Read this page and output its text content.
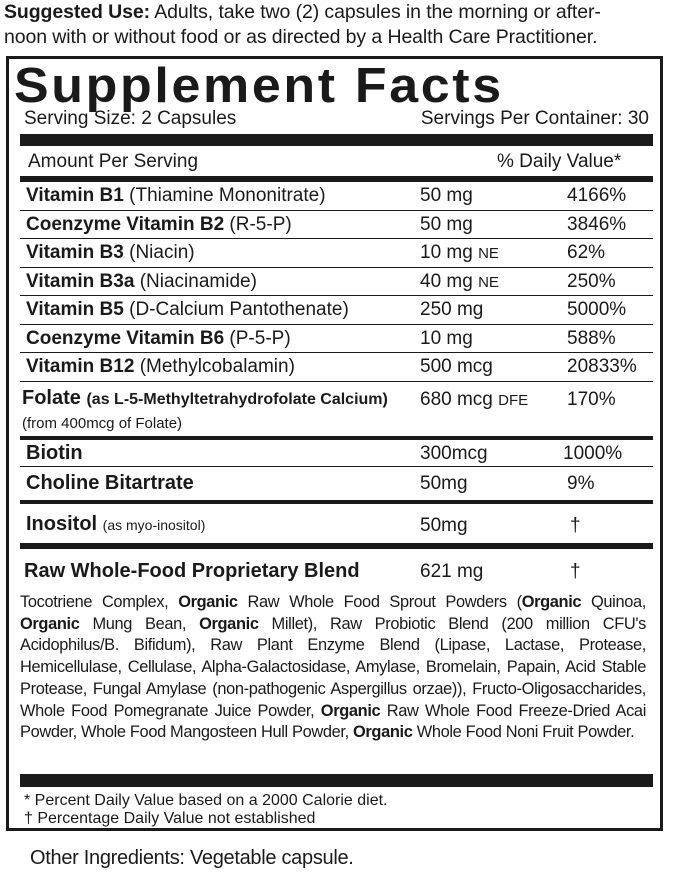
Suggested Use: Adults, take two (2) capsules in the morning or after-
noon with or without food or as directed by a Health Care Practitioner.
Supplement Facts
Serving Size: 2 Capsules	Servings Per Container: 30
Amount Per Serving	% Daily Value*
Vitamin B1 (Thiamine Mononitrate)	50 mg	4166%
Coenzyme Vitamin B2 (R-5-P)	50 mg	3846%
Vitamin B3 (Niacin)	10 mg NE	62%
Vitamin B3a (Niacinamide)	40 mg NE	250%
Vitamin B5 (D-Calcium Pantothenate)	250 mg	5000%
Coenzyme Vitamin B6 (P-5-P)	10 mg	588%
Vitamin B12 (Methylcobalamin)	500 mcg	20833%
Folate (as L-5-Methyltetrahydrofolate Calcium)
(from 400mcg of Folate)
680 mcg DFE 170%
Biotin	300mcg	1000%
Choline Bitartrate	50mg	9%
Inositol (as myo-inositol)	50mg	†
Raw Whole-Food Proprietary Blend	621 mg	†
Tocotriene Complex, Organic Raw Whole Food Sprout Powders (Organic Quinoa, Organic Mung Bean, Organic Millet), Raw Probiotic Blend (200 million CFU's Acidophilus/B. Bifidum), Raw Plant Enzyme Blend (Lipase, Lactase, Protease, Hemicellulase, Cellulase, Alpha-Galactosidase, Amylase, Bromelain, Papain, Acid Stable Protease, Fungal Amylase (non-pathogenic Aspergillus orzae)), Fructo-Oligosaccharides, Whole Food Pomegranate Juice Powder, Organic Raw Whole Food Freeze-Dried Acai Powder, Whole Food Mangosteen Hull Powder, Organic Whole Food Noni Fruit Powder.
* Percent Daily Value based on a 2000 Calorie diet.
† Percentage Daily Value not established
Other Ingredients: Vegetable capsule.
